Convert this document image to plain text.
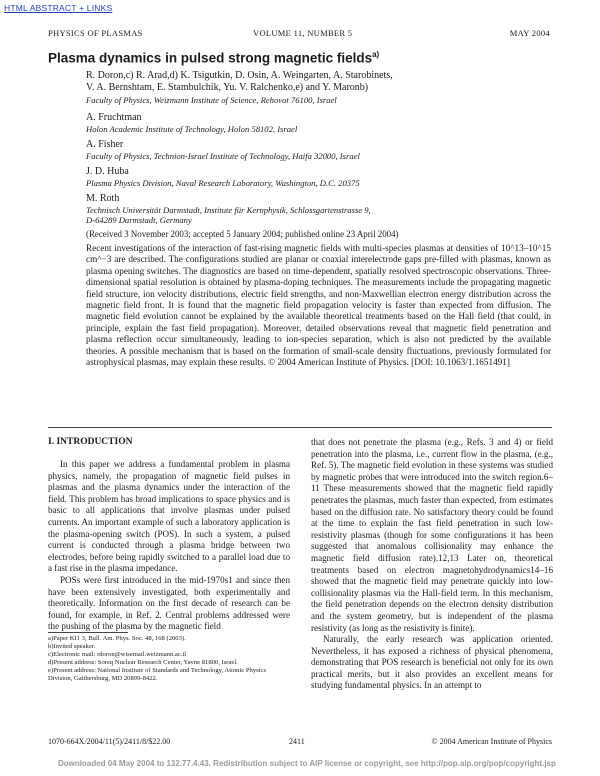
HTML ABSTRACT + LINKS
PHYSICS OF PLASMAS	VOLUME 11, NUMBER 5	MAY 2004
Plasma dynamics in pulsed strong magnetic fields$^{a)}$
R. Doron,c) R. Arad,d) K. Tsigutkin, D. Osin, A. Weingarten, A. Starobinets,
V. A. Bernshtam, E. Stambulchik, Yu. V. Ralchenko,e) and Y. Maronb)
Faculty of Physics, Weizmann Institute of Science, Rehovot 76100, Israel
A. Fruchtman
Holon Academic Institute of Technology, Holon 58102, Israel
A. Fisher
Faculty of Physics, Technion-Israel Institute of Technology, Haifa 32000, Israel
J. D. Huba
Plasma Physics Division, Naval Research Laboratory, Washington, D.C. 20375
M. Roth
Technisch Universität Darmstadt, Institute für Kernphysik, Schlossgartenstrasse 9,
D-64289 Darmstadt, Germany
(Received 3 November 2003; accepted 5 January 2004; published online 23 April 2004)

Recent investigations of the interaction of fast-rising magnetic fields with multi-species plasmas at densities of 10^13–10^15 cm^−3 are described. The configurations studied are planar or coaxial interelectrode gaps pre-filled with plasmas, known as plasma opening switches. The diagnostics are based on time-dependent, spatially resolved spectroscopic observations. Three-dimensional spatial resolution is obtained by plasma-doping techniques. The measurements include the propagating magnetic field structure, ion velocity distributions, electric field strengths, and non-Maxwellian electron energy distribution across the magnetic field front. It is found that the magnetic field propagation velocity is faster than expected from diffusion. The magnetic field evolution cannot be explained by the available theoretical treatments based on the Hall field (that could, in principle, explain the fast field propagation). Moreover, detailed observations reveal that magnetic field penetration and plasma reflection occur simultaneously, leading to ion-species separation, which is also not predicted by the available theories. A possible mechanism that is based on the formation of small-scale density fluctuations, previously formulated for astrophysical plasmas, may explain these results. © 2004 American Institute of Physics. [DOI: 10.1063/1.1651491]

I. INTRODUCTION

In this paper we address a fundamental problem in plasma physics, namely, the propagation of magnetic field pulses in plasmas and the plasma dynamics under the interaction of the field. This problem has broad implications to space physics and is basic to all applications that involve plasmas under pulsed currents. An important example of such a laboratory application is the plasma-opening switch (POS). In such a system, a pulsed current is conducted through a plasma bridge between two electrodes, before being rapidly switched to a parallel load due to a fast rise in the plasma impedance.

POSs were first introduced in the mid-1970s1 and since then have been extensively investigated, both experimentally and theoretically. Information on the first decade of research can be found, for example, in Ref. 2. Central problems addressed were the pushing of the plasma by the magnetic field

that does not penetrate the plasma (e.g., Refs. 3 and 4) or field penetration into the plasma, i.e., current flow in the plasma, (e.g., Ref. 5). The magnetic field evolution in these systems was studied by magnetic probes that were introduced into the switch region.6–11 These measurements showed that the magnetic field rapidly penetrates the plasmas, much faster than expected, from estimates based on the diffusion rate. No satisfactory theory could be found at the time to explain the fast field penetration in such low-resistivity plasmas (though for some configurations it has been suggested that anomalous collisionality may enhance the magnetic field diffusion rate).12,13 Later on, theoretical treatments based on electron magnetohydrodynamics14–16 showed that the magnetic field may penetrate quickly into low-collisionality plasmas via the Hall-field term. In this mechanism, the field penetration depends on the electron density distribution and the system geometry, but is independent of the plasma resistivity (as long as the resistivity is finite).

Naturally, the early research was application oriented. Nevertheless, it has exposed a richness of physical phenomena, demonstrating that POS research is beneficial not only for its own practical merits, but it also provides an excellent means for studying fundamental physics. In an attempt to

a)Paper KI1 3, Bull. Am. Phys. Soc. 48, 168 (2003).
b)Invited speaker.
c)Electronic mail: rdoron@wisemail.weizmann.ac.il
d)Present address: Soreq Nuclear Research Center, Yavne 81800, Israel.
e)Present address: National Institute of Standards and Technology, Atomic Physics Division, Gaithersburg, MD 20899-8422.
1070-664X/2004/11(5)/2411/8/$22.00	2411	© 2004 American Institute of Physics
Downloaded 04 May 2004 to 132.77.4.43. Redistribution subject to AIP license or copyright, see http://pop.aip.org/pop/copyright.jsp
